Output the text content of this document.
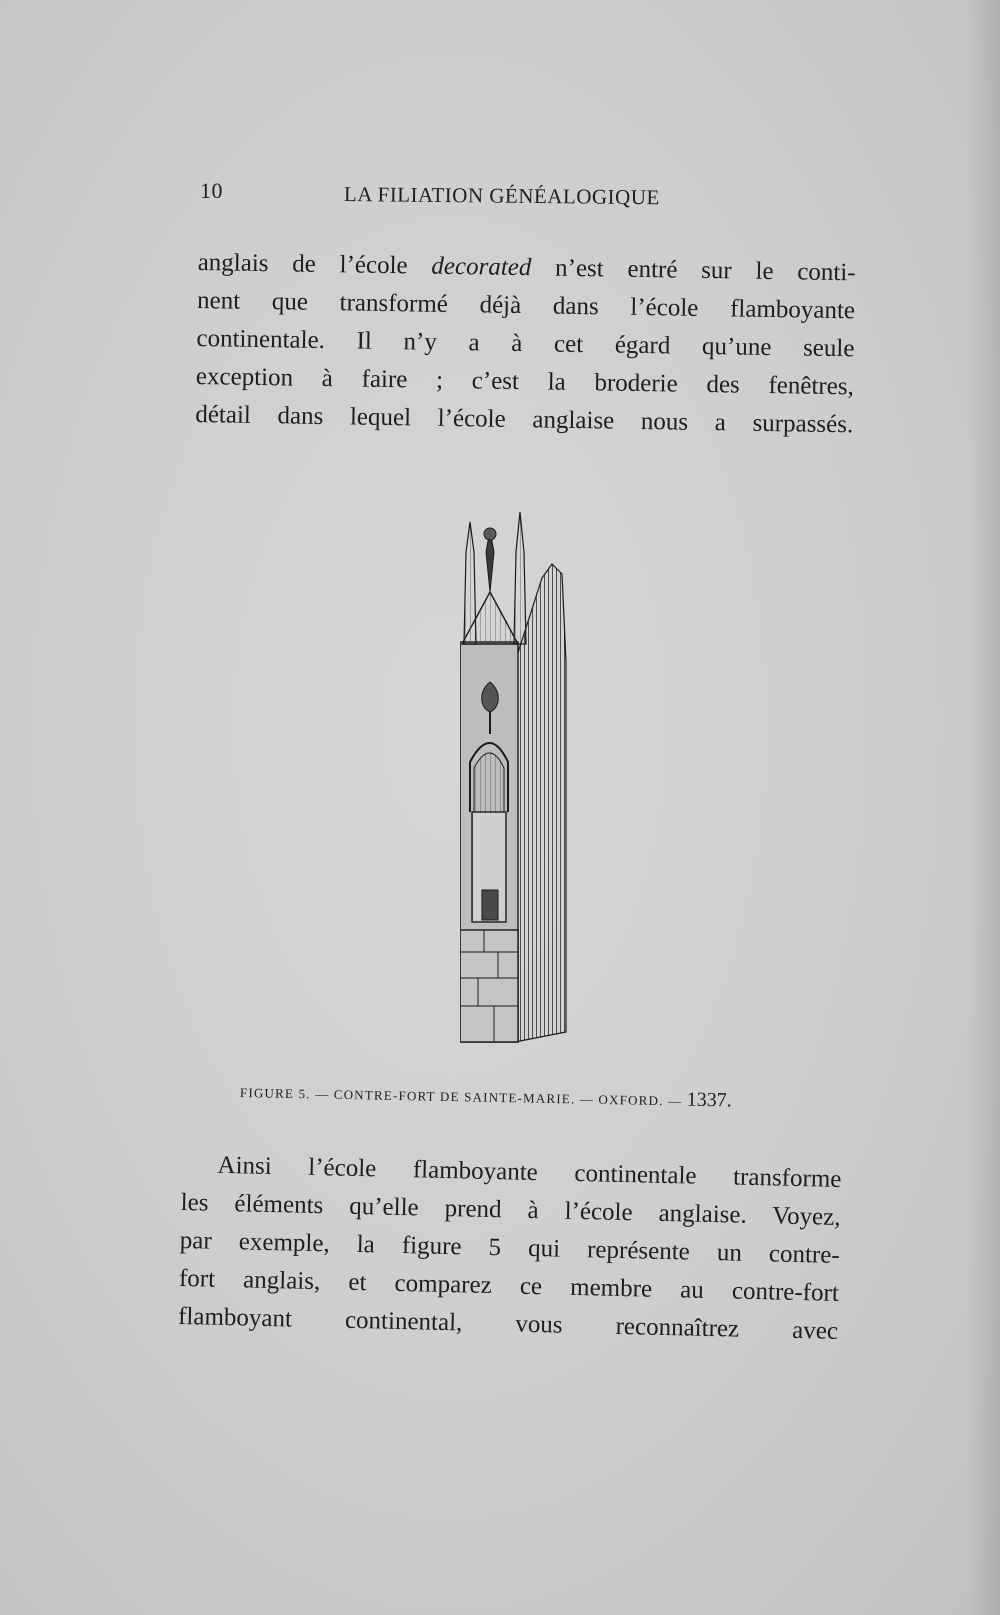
10	LA FILIATION GÉNÉALOGIQUE
anglais de l’école decorated n’est entré sur le conti-
nent que transformé déjà dans l’école flamboyante
continentale. Il n’y a à cet égard qu’une seule
exception à faire ; c’est la broderie des fenêtres,
détail dans lequel l’école anglaise nous a surpassés.
FIGURE 5. — CONTRE-FORT DE SAINTE-MARIE. — OXFORD. — 1337.
Ainsi l’école flamboyante continentale transforme
les éléments qu’elle prend à l’école anglaise. Voyez,
par exemple, la figure 5 qui représente un contre-
fort anglais, et comparez ce membre au contre-fort
flamboyant continental, vous reconnaîtrez avec
